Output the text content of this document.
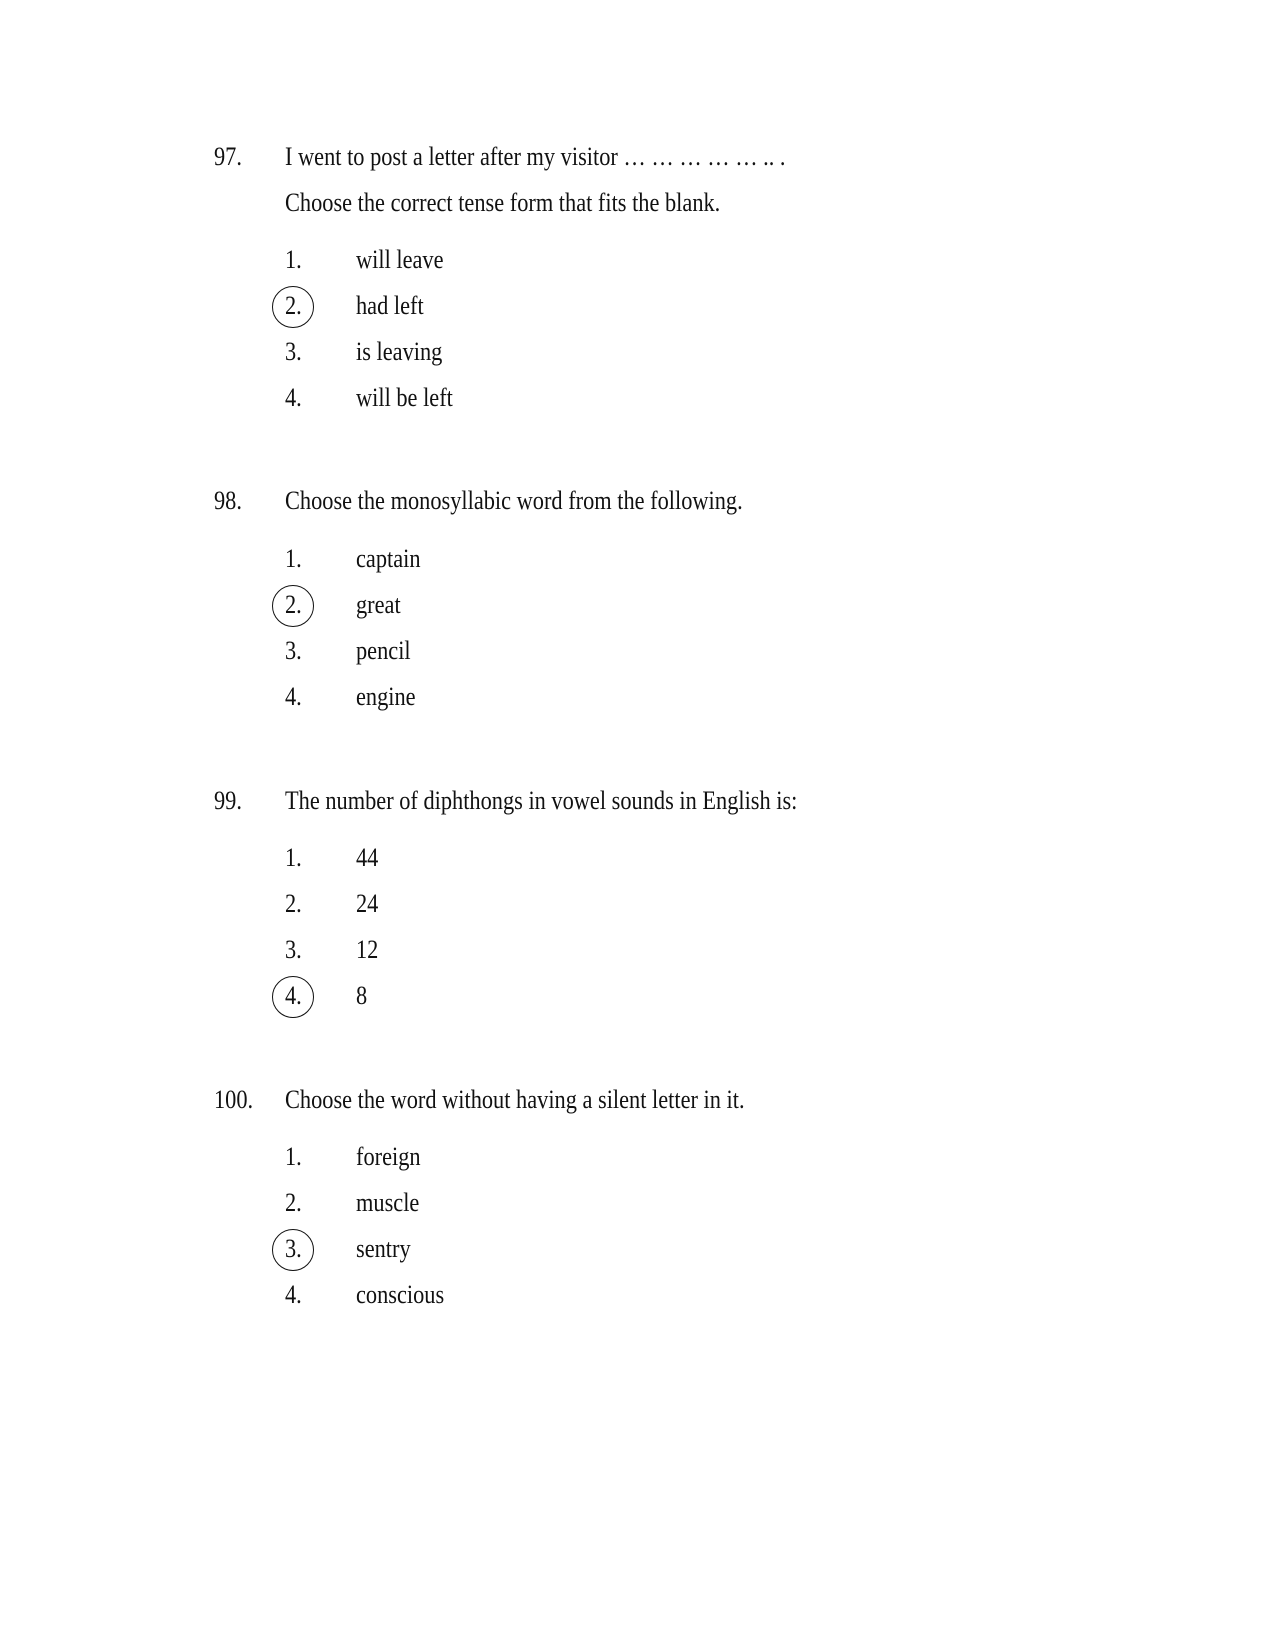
97. I went to post a letter after my visitor … … … … … .. .
Choose the correct tense form that fits the blank.
1. will leave
2. had left
3. is leaving
4. will be left
98. Choose the monosyllabic word from the following.
1. captain
2. great
3. pencil
4. engine
99. The number of diphthongs in vowel sounds in English is:
1. 44
2. 24
3. 12
4. 8
100. Choose the word without having a silent letter in it.
1. foreign
2. muscle
3. sentry
4. conscious
